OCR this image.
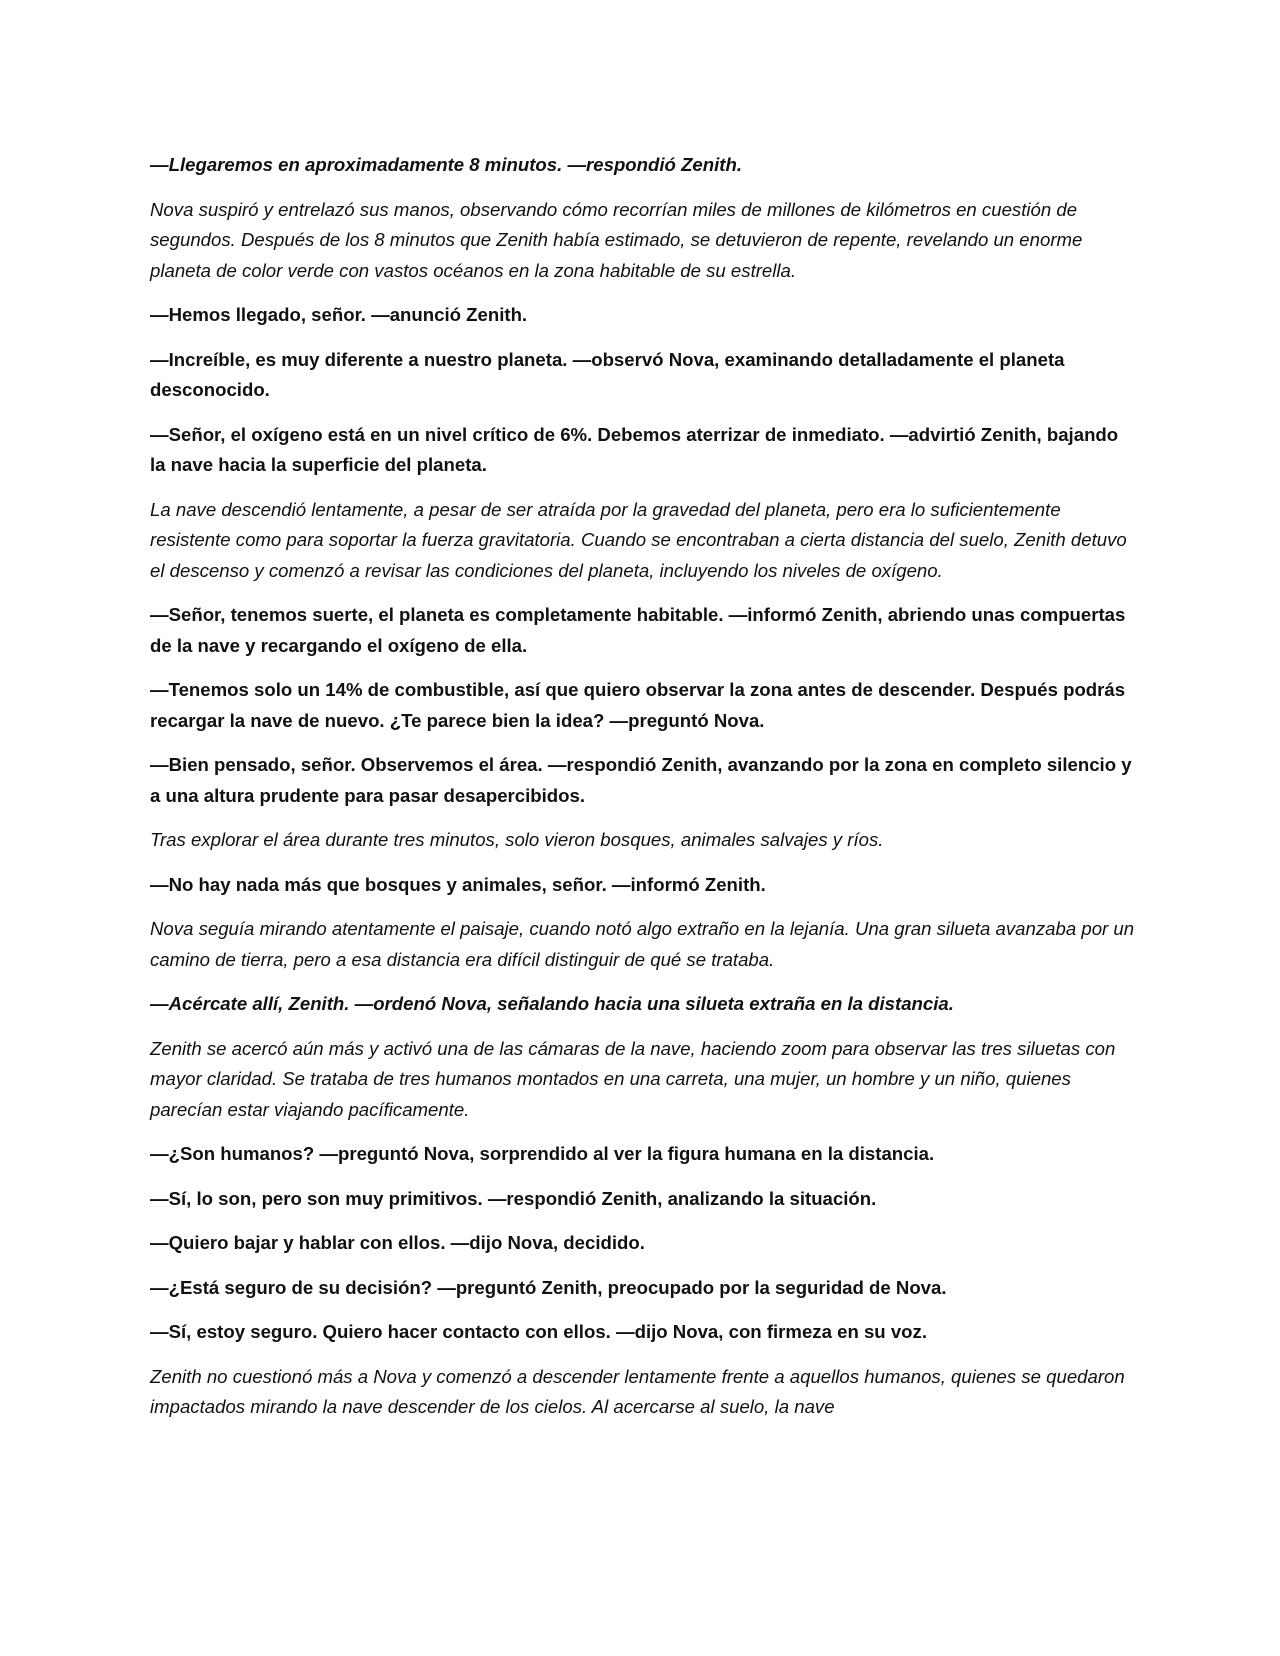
—Llegaremos en aproximadamente 8 minutos. —respondió Zenith.

Nova suspiró y entrelazó sus manos, observando cómo recorrían miles de millones de kilómetros en cuestión de segundos. Después de los 8 minutos que Zenith había estimado, se detuvieron de repente, revelando un enorme planeta de color verde con vastos océanos en la zona habitable de su estrella.

—Hemos llegado, señor. —anunció Zenith.

—Increíble, es muy diferente a nuestro planeta. —observó Nova, examinando detalladamente el planeta desconocido.

—Señor, el oxígeno está en un nivel crítico de 6%. Debemos aterrizar de inmediato. —advirtió Zenith, bajando la nave hacia la superficie del planeta.

La nave descendió lentamente, a pesar de ser atraída por la gravedad del planeta, pero era lo suficientemente resistente como para soportar la fuerza gravitatoria. Cuando se encontraban a cierta distancia del suelo, Zenith detuvo el descenso y comenzó a revisar las condiciones del planeta, incluyendo los niveles de oxígeno.

—Señor, tenemos suerte, el planeta es completamente habitable. —informó Zenith, abriendo unas compuertas de la nave y recargando el oxígeno de ella.

—Tenemos solo un 14% de combustible, así que quiero observar la zona antes de descender. Después podrás recargar la nave de nuevo. ¿Te parece bien la idea? —preguntó Nova.

—Bien pensado, señor. Observemos el área. —respondió Zenith, avanzando por la zona en completo silencio y a una altura prudente para pasar desapercibidos.

Tras explorar el área durante tres minutos, solo vieron bosques, animales salvajes y ríos.

—No hay nada más que bosques y animales, señor. —informó Zenith.

Nova seguía mirando atentamente el paisaje, cuando notó algo extraño en la lejanía. Una gran silueta avanzaba por un camino de tierra, pero a esa distancia era difícil distinguir de qué se trataba.

—Acércate allí, Zenith. —ordenó Nova, señalando hacia una silueta extraña en la distancia.

Zenith se acercó aún más y activó una de las cámaras de la nave, haciendo zoom para observar las tres siluetas con mayor claridad. Se trataba de tres humanos montados en una carreta, una mujer, un hombre y un niño, quienes parecían estar viajando pacíficamente.

—¿Son humanos? —preguntó Nova, sorprendido al ver la figura humana en la distancia.

—Sí, lo son, pero son muy primitivos. —respondió Zenith, analizando la situación.

—Quiero bajar y hablar con ellos. —dijo Nova, decidido.

—¿Está seguro de su decisión? —preguntó Zenith, preocupado por la seguridad de Nova.

—Sí, estoy seguro. Quiero hacer contacto con ellos. —dijo Nova, con firmeza en su voz.

Zenith no cuestionó más a Nova y comenzó a descender lentamente frente a aquellos humanos, quienes se quedaron impactados mirando la nave descender de los cielos. Al acercarse al suelo, la nave
